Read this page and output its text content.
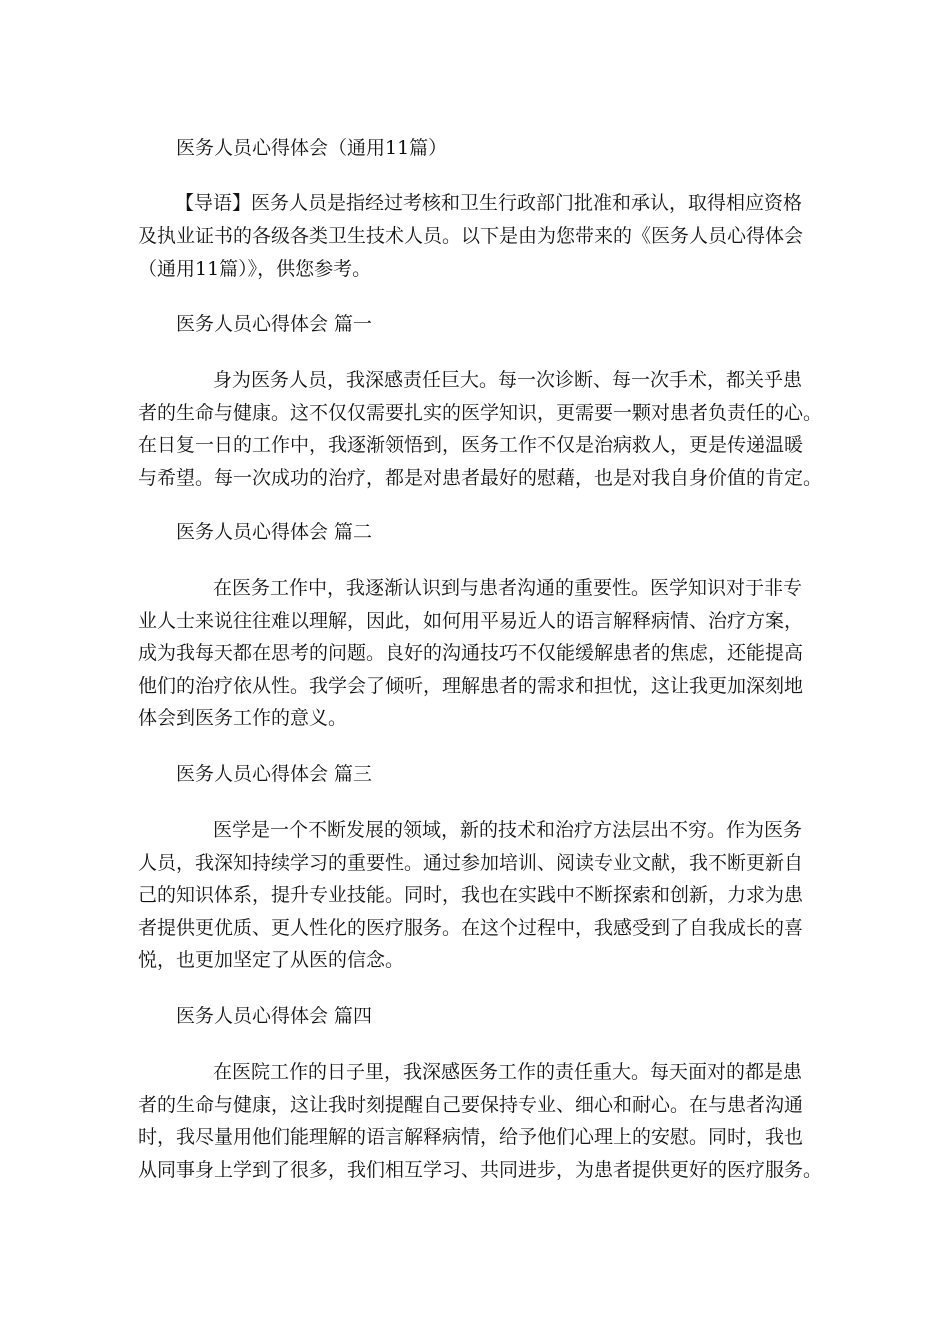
医务人员心得体会（通用11篇）
【导语】医务人员是指经过考核和卫生行政部门批准和承认，取得相应资格
及执业证书的各级各类卫生技术人员。以下是由为您带来的《医务人员心得体会
（通用11篇）》，供您参考。
医务人员心得体会 篇一
身为医务人员，我深感责任巨大。每一次诊断、每一次手术，都关乎患
者的生命与健康。这不仅仅需要扎实的医学知识，更需要一颗对患者负责任的心。
在日复一日的工作中，我逐渐领悟到，医务工作不仅是治病救人，更是传递温暖
与希望。每一次成功的治疗，都是对患者最好的慰藉，也是对我自身价值的肯定。
医务人员心得体会 篇二
在医务工作中，我逐渐认识到与患者沟通的重要性。医学知识对于非专
业人士来说往往难以理解，因此，如何用平易近人的语言解释病情、治疗方案，
成为我每天都在思考的问题。良好的沟通技巧不仅能缓解患者的焦虑，还能提高
他们的治疗依从性。我学会了倾听，理解患者的需求和担忧，这让我更加深刻地
体会到医务工作的意义。
医务人员心得体会 篇三
医学是一个不断发展的领域，新的技术和治疗方法层出不穷。作为医务
人员，我深知持续学习的重要性。通过参加培训、阅读专业文献，我不断更新自
己的知识体系，提升专业技能。同时，我也在实践中不断探索和创新，力求为患
者提供更优质、更人性化的医疗服务。在这个过程中，我感受到了自我成长的喜
悦，也更加坚定了从医的信念。
医务人员心得体会 篇四
在医院工作的日子里，我深感医务工作的责任重大。每天面对的都是患
者的生命与健康，这让我时刻提醒自己要保持专业、细心和耐心。在与患者沟通
时，我尽量用他们能理解的语言解释病情，给予他们心理上的安慰。同时，我也
从同事身上学到了很多，我们相互学习、共同进步，为患者提供更好的医疗服务。
